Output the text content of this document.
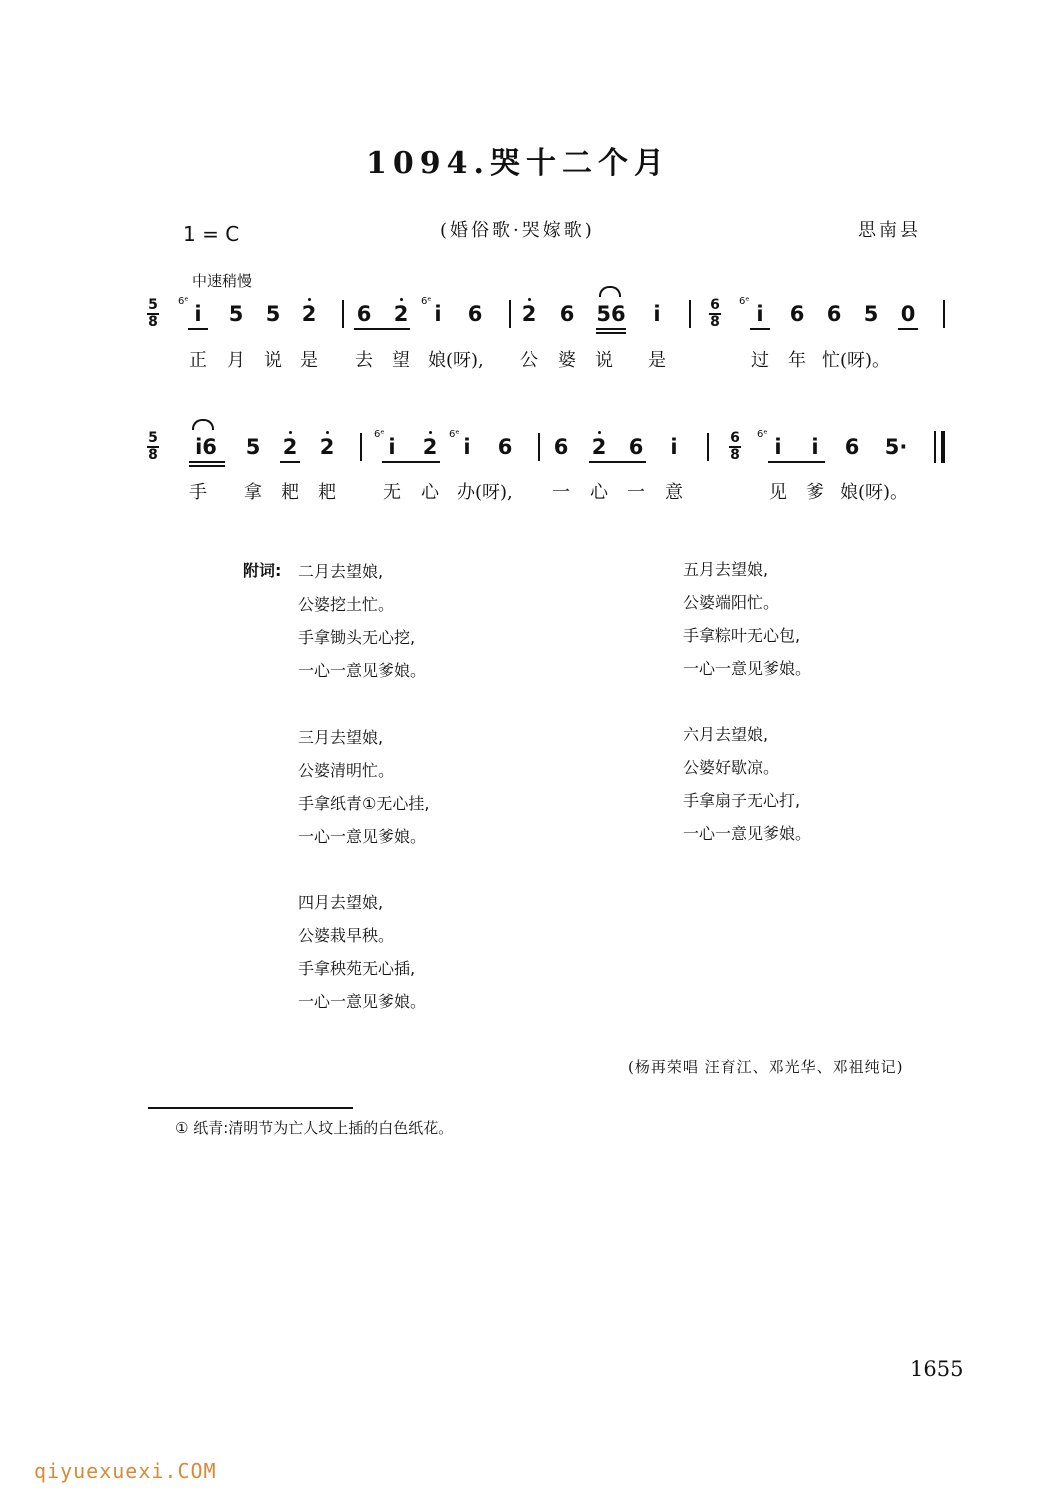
1094.哭十二个月
1 = C	(婚俗歌·哭嫁歌)	思南县
中速稍慢
5
8
6ᵉ
i 5 5 2 6 2
6ᵉ
i 6 2 6 56 i	6
8
6ᵉ
i 6 6 5 0
正 月 说 是 去 望 娘(呀), 公 婆 说 是	过 年 忙(呀)。
5
8 i6 5 2 2
6ᵉ
i 2
6ᵉ
i 6 6 2 6 i	6
8
6ᵉ
i i 6 5·
手 拿 耙 耙	无 心 办(呀), 一 心 一 意	见 爹 娘(呀)。
附词: 二月去望娘,
公婆挖土忙。
手拿锄头无心挖,
一心一意见爹娘。
三月去望娘,
公婆清明忙。
手拿纸青①无心挂,
一心一意见爹娘。
四月去望娘,
公婆栽早秧。
手拿秧苑无心插,
一心一意见爹娘。
五月去望娘,
公婆端阳忙。
手拿粽叶无心包,
一心一意见爹娘。
六月去望娘,
公婆好歇凉。
手拿扇子无心打,
一心一意见爹娘。
(杨再荣唱 汪育江、邓光华、邓祖纯记)
① 纸青:清明节为亡人坟上插的白色纸花。
1655
qiyuexuexi.COM
